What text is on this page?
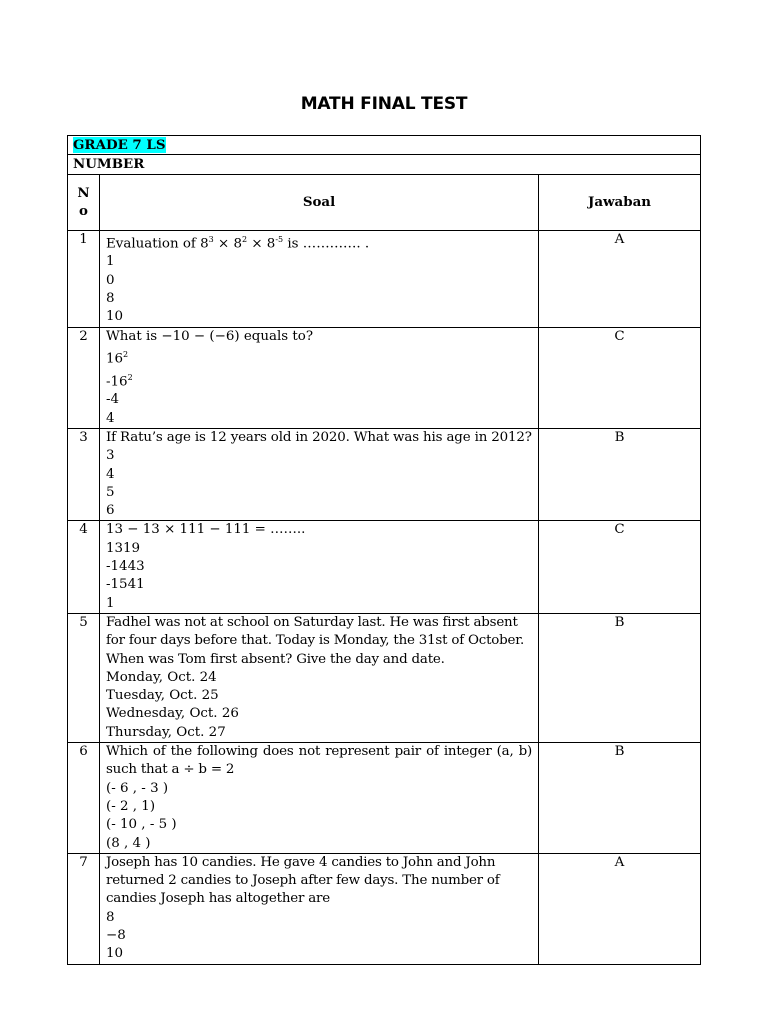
MATH FINAL TEST
GRADE 7 LS		
NUMBER		
N
o	Soal	Jawaban
1	Evaluation of $8^3 \times 8^2 \times 8^{-5}$ is …………. .
1
0
8
10	A
2	What is −10 − (−6) equals to?
$16^2$
$-16^2$
-4
4	C
3	If Ratu’s age is 12 years old in 2020. What was his age in 2012?
3
4
5
6	B
4	13 − 13 × 111 − 111 = ……..
1319
-1443
-1541
1	C
5	Fadhel was not at school on Saturday last. He was first absent for four days before that. Today is Monday, the 31st of October. When was Tom first absent? Give the day and date.
Monday, Oct. 24
Tuesday, Oct. 25
Wednesday, Oct. 26
Thursday, Oct. 27	B
6	Which of the following does not represent pair of integer (a, b) such that a ÷ b = 2
(- 6 , - 3 )
(- 2 , 1)
(- 10 , - 5 )
(8 , 4 )	B
7	Joseph has 10 candies. He gave 4 candies to John and John returned 2 candies to Joseph after few days. The number of candies Joseph has altogether are
8
−8
10	A
